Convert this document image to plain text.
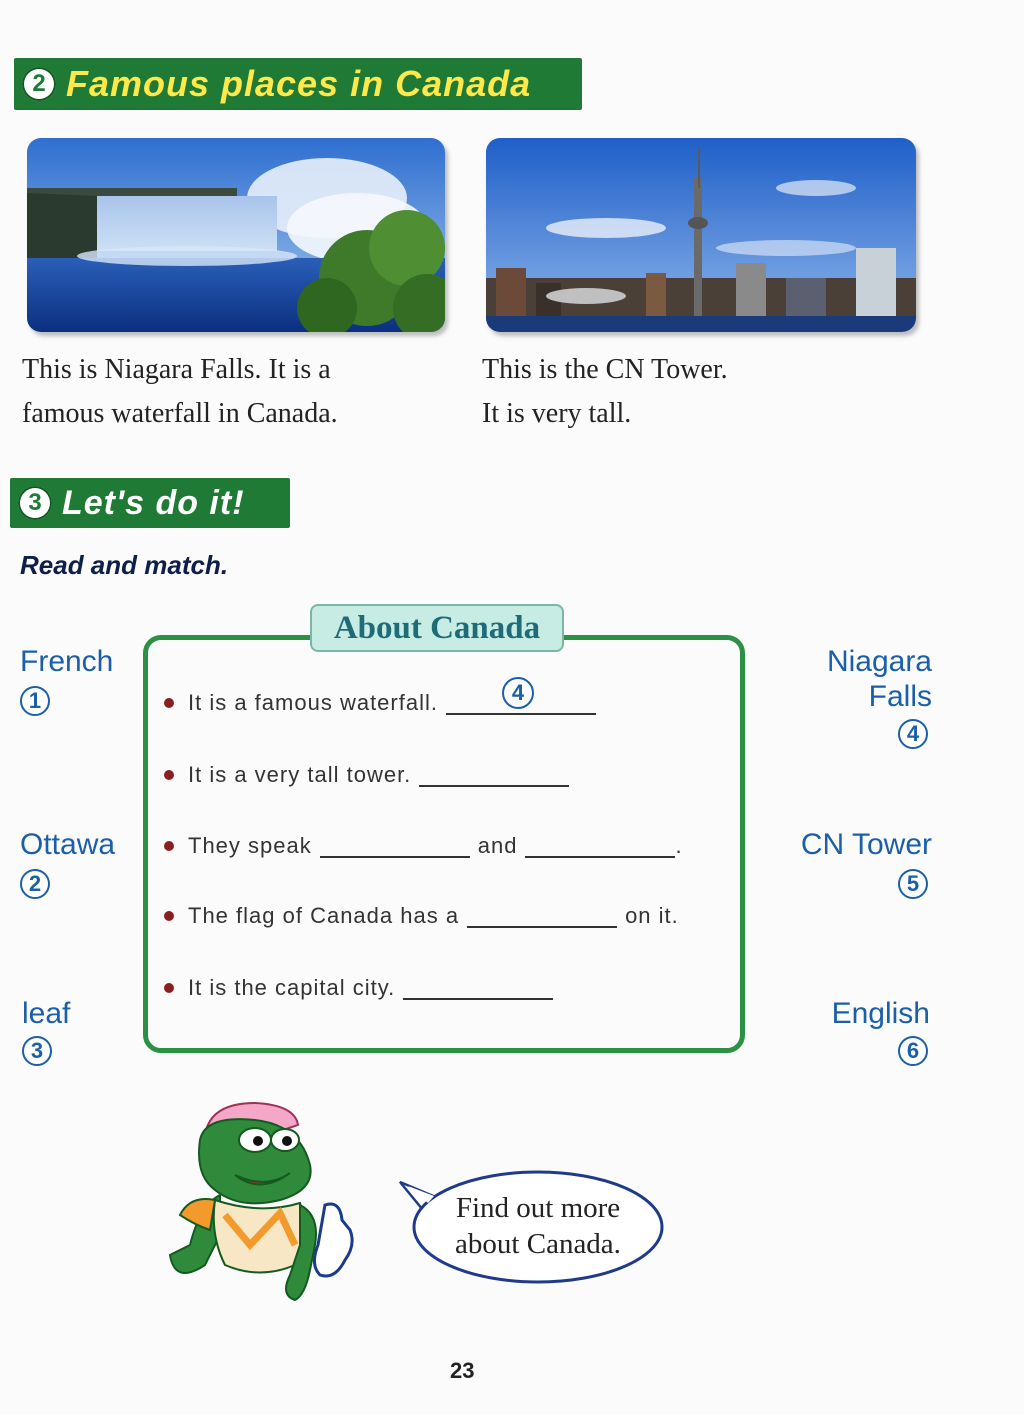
2 Famous places in Canada
This is Niagara Falls. It is a
famous waterfall in Canada.
This is the CN Tower.
It is very tall.
3 Let's do it!
Read and match.
French
1
Ottawa
2
leaf
3
Niagara
Falls
4
CN Tower
5
English
6
About Canada
It is a famous waterfall.	4
It is a very tall tower.
They speak	and	.
The flag of Canada has a	on it.
It is the capital city.
Find out more
about Canada.
23
